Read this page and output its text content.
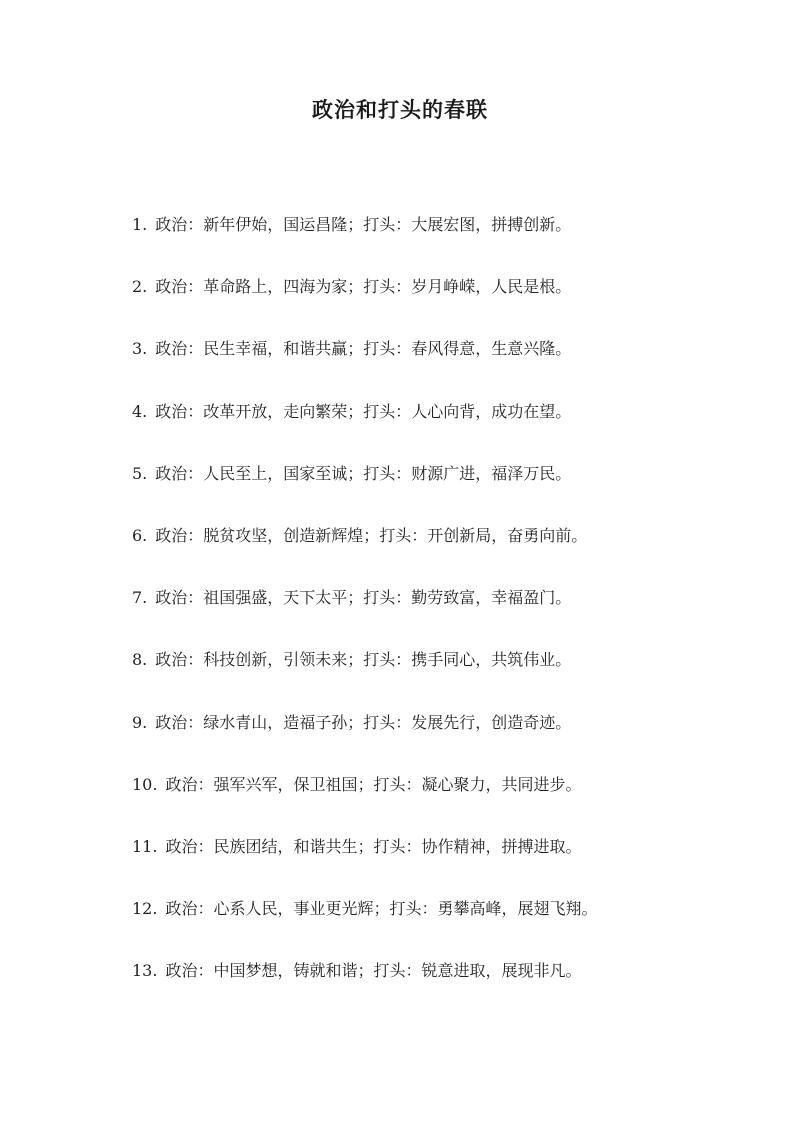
政治和打头的春联
1. 政治：新年伊始，国运昌隆；打头：大展宏图，拼搏创新。
2. 政治：革命路上，四海为家；打头：岁月峥嵘，人民是根。
3. 政治：民生幸福，和谐共赢；打头：春风得意，生意兴隆。
4. 政治：改革开放，走向繁荣；打头：人心向背，成功在望。
5. 政治：人民至上，国家至诚；打头：财源广进，福泽万民。
6. 政治：脱贫攻坚，创造新辉煌；打头：开创新局，奋勇向前。
7. 政治：祖国强盛，天下太平；打头：勤劳致富，幸福盈门。
8. 政治：科技创新，引领未来；打头：携手同心，共筑伟业。
9. 政治：绿水青山，造福子孙；打头：发展先行，创造奇迹。
10. 政治：强军兴军，保卫祖国；打头：凝心聚力，共同进步。
11. 政治：民族团结，和谐共生；打头：协作精神，拼搏进取。
12. 政治：心系人民，事业更光辉；打头：勇攀高峰，展翅飞翔。
13. 政治：中国梦想，铸就和谐；打头：锐意进取，展现非凡。
